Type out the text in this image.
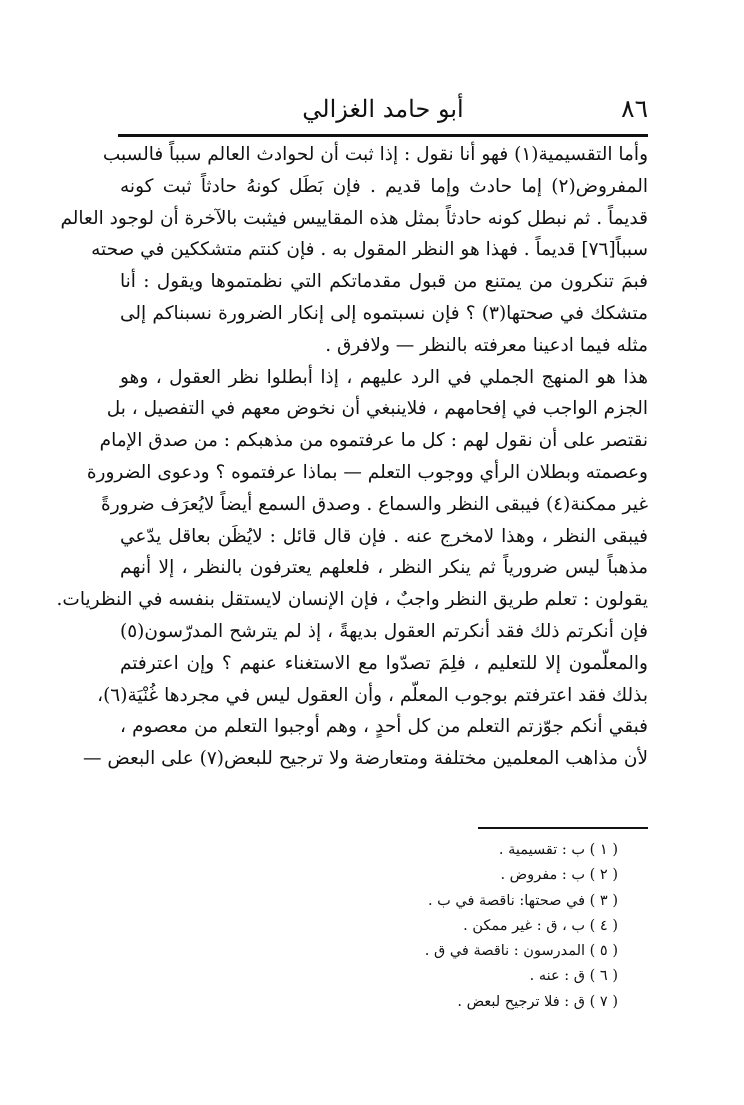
٨٦
أبو حامد الغزالي
وأما التقسيمية(١) فهو أنا نقول : إذا ثبت أن لحوادث العالم سبباً فالسبب
المفروض(٢) إما حادث وإما قديم . فإن بَطَل كونهُ حادثاً ثبت كونه
قديماً . ثم نبطل كونه حادثاً بمثل هذه المقاييس فيثبت بالآخرة أن لوجود العالم
سبباً[٧٦] قديماً . فهذا هو النظر المقول به . فإن كنتم متشككين في صحته
فبمَ تنكرون من يمتنع من قبول مقدماتكم التي نظمتموها ويقول : أنا
متشكك في صحتها(٣) ؟ فإن نسبتموه إلى إنكار الضرورة نسبناكم إلى
مثله فيما ادعينا معرفته بالنظر — ولافرق .
هذا هو المنهج الجملي في الرد عليهم ، إذا أبطلوا نظر العقول ، وهو
الجزم الواجب في إفحامهم ، فلاينبغي أن نخوض معهم في التفصيل ، بل
نقتصر على أن نقول لهم : كل ما عرفتموه من مذهبكم : من صدق الإمام
وعصمته وبطلان الرأي ووجوب التعلم — بماذا عرفتموه ؟ ودعوى الضرورة
غير ممكنة(٤) فيبقى النظر والسماع . وصدق السمع أيضاً لايُعرَف ضرورةً
فيبقى النظر ، وهذا لامخرج عنه . فإن قال قائل : لايُظَن بعاقل يدّعي
مذهباً ليس ضرورياً ثم ينكر النظر ، فلعلهم يعترفون بالنظر ، إلا أنهم
يقولون : تعلم طريق النظر واجبٌ ، فإن الإنسان لايستقل بنفسه في النظريات.
فإن أنكرتم ذلك فقد أنكرتم العقول بديهةً ، إذ لم يترشح المدرّسون(٥)
والمعلّمون إلا للتعليم ، فلِمَ تصدّوا مع الاستغناء عنهم ؟ وإن اعترفتم
بذلك فقد اعترفتم بوجوب المعلّم ، وأن العقول ليس في مجردها غُنْيَة(٦)،
فبقي أنكم جوّزتم التعلم من كل أحدٍ ، وهم أوجبوا التعلم من معصوم ،
لأن مذاهب المعلمين مختلفة ومتعارضة ولا ترجيح للبعض(٧) على البعض —
( ١ ) ب : تقسيمية .
( ٢ ) ب : مفروض .
( ٣ ) في صحتها: ناقصة في ب .
( ٤ ) ب ، ق : غير ممكن .
( ٥ ) المدرسون : ناقصة في ق .
( ٦ ) ق : عنه .
( ٧ ) ق : فلا ترجيح لبعض .
